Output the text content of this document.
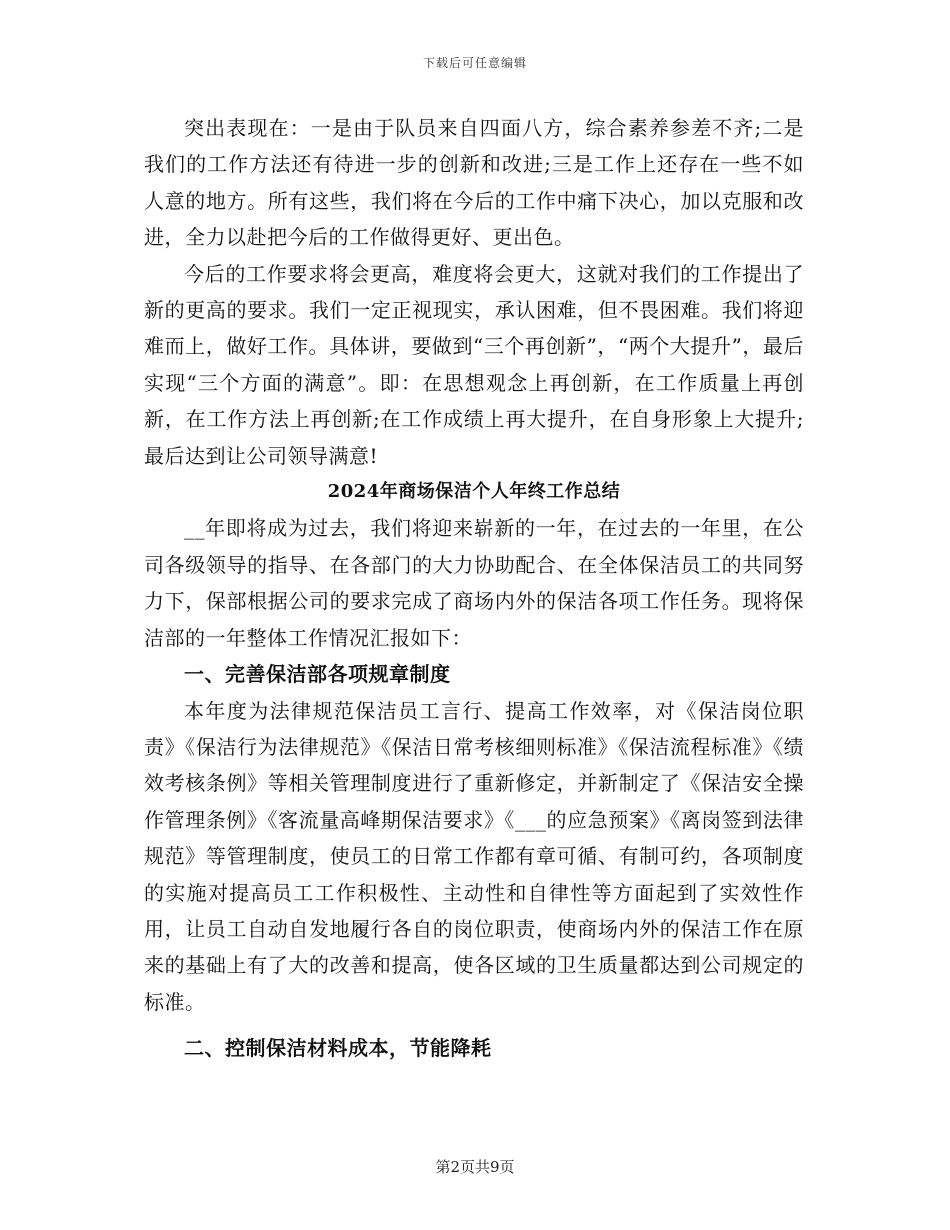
下载后可任意编辑

突出表现在：一是由于队员来自四面八方，综合素养参差不齐;二是我们的工作方法还有待进一步的创新和改进;三是工作上还存在一些不如人意的地方。所有这些，我们将在今后的工作中痛下决心，加以克服和改进，全力以赴把今后的工作做得更好、更出色。

今后的工作要求将会更高，难度将会更大，这就对我们的工作提出了新的更高的要求。我们一定正视现实，承认困难，但不畏困难。我们将迎难而上，做好工作。具体讲，要做到“三个再创新”，“两个大提升”，最后实现“三个方面的满意”。即：在思想观念上再创新，在工作质量上再创新，在工作方法上再创新;在工作成绩上再大提升，在自身形象上大提升;最后达到让公司领导满意!

2024年商场保洁个人年终工作总结

__年即将成为过去，我们将迎来崭新的一年，在过去的一年里，在公司各级领导的指导、在各部门的大力协助配合、在全体保洁员工的共同努力下，保部根据公司的要求完成了商场内外的保洁各项工作任务。现将保洁部的一年整体工作情况汇报如下：

一、完善保洁部各项规章制度

本年度为法律规范保洁员工言行、提高工作效率，对《保洁岗位职责》《保洁行为法律规范》《保洁日常考核细则标准》《保洁流程标准》《绩效考核条例》等相关管理制度进行了重新修定，并新制定了《保洁安全操作管理条例》《客流量高峰期保洁要求》《___的应急预案》《离岗签到法律规范》等管理制度，使员工的日常工作都有章可循、有制可约，各项制度的实施对提高员工工作积极性、主动性和自律性等方面起到了实效性作用，让员工自动自发地履行各自的岗位职责，使商场内外的保洁工作在原来的基础上有了大的改善和提高，使各区域的卫生质量都达到公司规定的标准。

二、控制保洁材料成本，节能降耗

第2页共9页
